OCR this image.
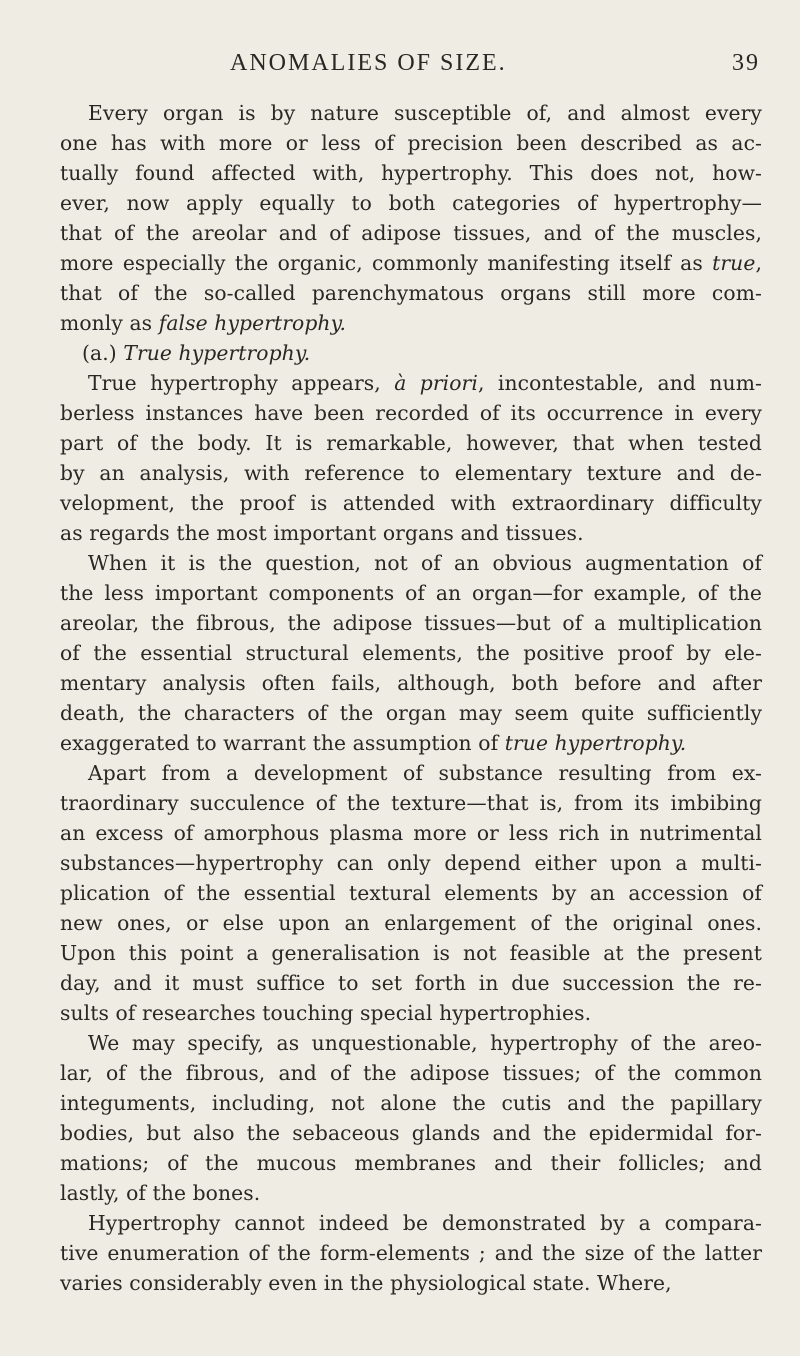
ANOMALIES OF SIZE.	39
Every organ is by nature susceptible of, and almost every
one has with more or less of precision been described as ac-
tually found affected with, hypertrophy. This does not, how-
ever, now apply equally to both categories of hypertrophy—
that of the areolar and of adipose tissues, and of the muscles,
more especially the organic, commonly manifesting itself as true,
that of the so-called parenchymatous organs still more com-
monly as false hypertrophy.
(a.) True hypertrophy.
True hypertrophy appears, à priori, incontestable, and num-
berless instances have been recorded of its occurrence in every
part of the body. It is remarkable, however, that when tested
by an analysis, with reference to elementary texture and de-
velopment, the proof is attended with extraordinary difficulty
as regards the most important organs and tissues.
When it is the question, not of an obvious augmentation of
the less important components of an organ—for example, of the
areolar, the fibrous, the adipose tissues—but of a multiplication
of the essential structural elements, the positive proof by ele-
mentary analysis often fails, although, both before and after
death, the characters of the organ may seem quite sufficiently
exaggerated to warrant the assumption of true hypertrophy.
Apart from a development of substance resulting from ex-
traordinary succulence of the texture—that is, from its imbibing
an excess of amorphous plasma more or less rich in nutrimental
substances—hypertrophy can only depend either upon a multi-
plication of the essential textural elements by an accession of
new ones, or else upon an enlargement of the original ones.
Upon this point a generalisation is not feasible at the present
day, and it must suffice to set forth in due succession the re-
sults of researches touching special hypertrophies.
We may specify, as unquestionable, hypertrophy of the areo-
lar, of the fibrous, and of the adipose tissues; of the common
integuments, including, not alone the cutis and the papillary
bodies, but also the sebaceous glands and the epidermidal for-
mations; of the mucous membranes and their follicles; and
lastly, of the bones.
Hypertrophy cannot indeed be demonstrated by a compara-
tive enumeration of the form-elements ; and the size of the latter
varies considerably even in the physiological state. Where,
